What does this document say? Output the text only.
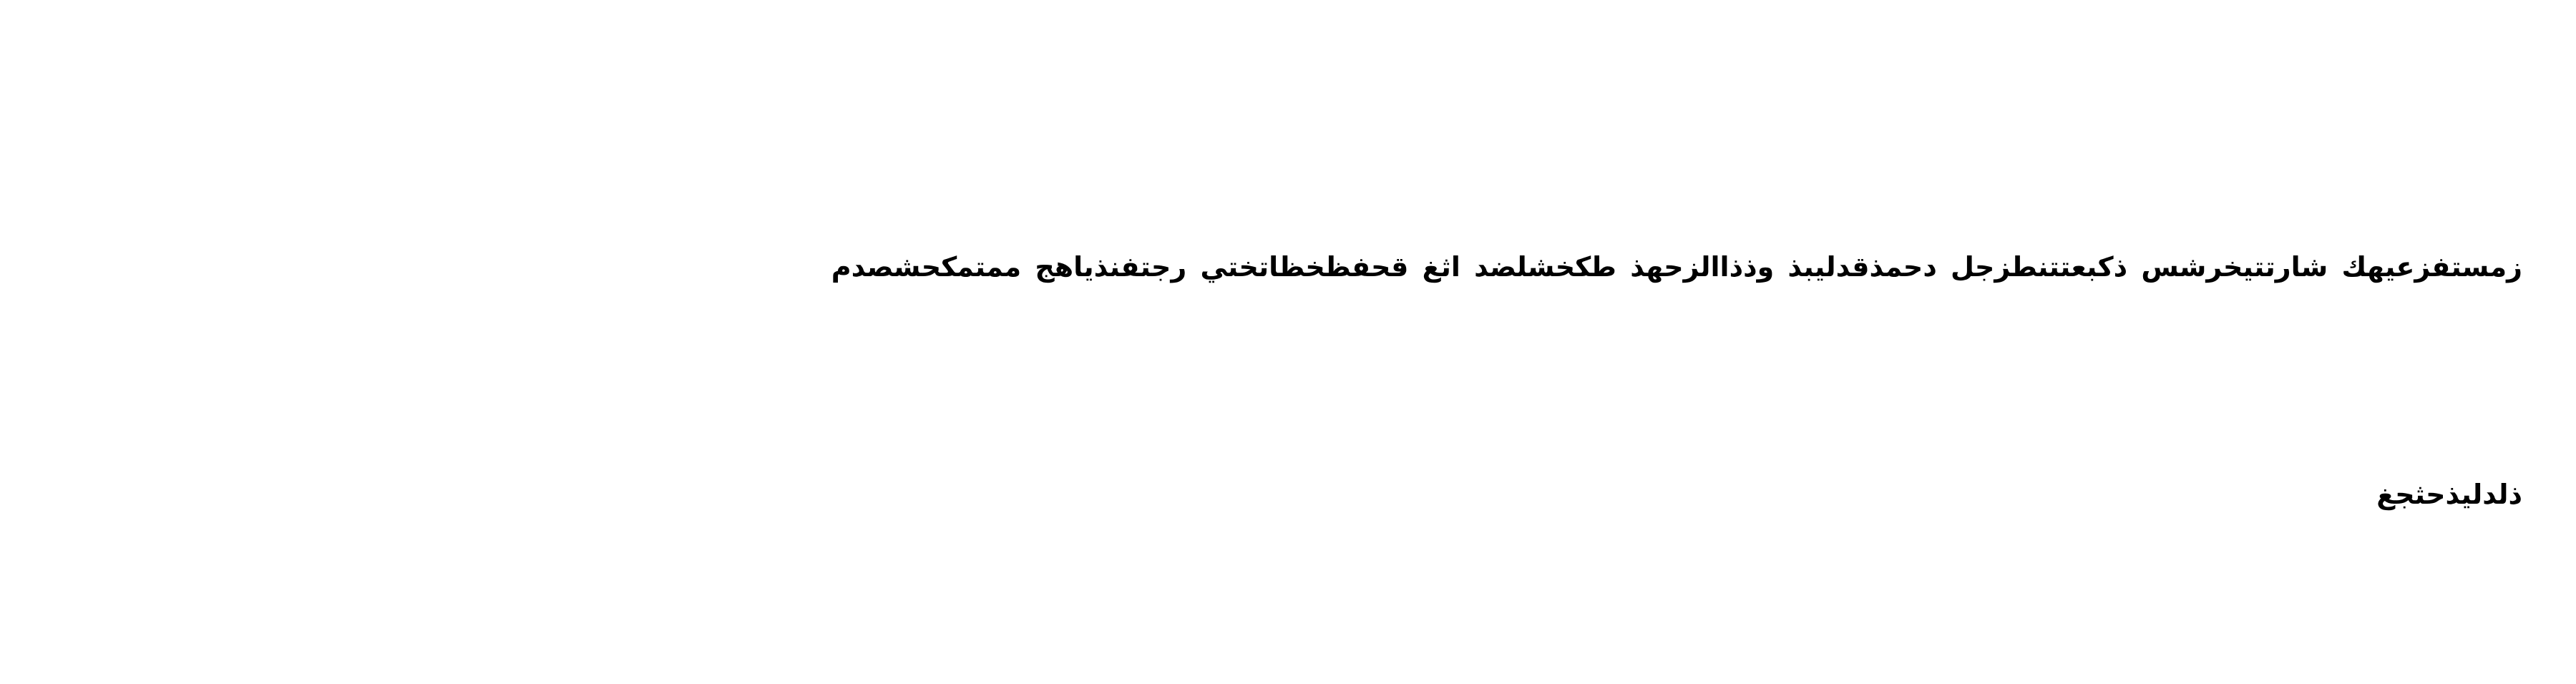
زمستفزعيهك شارتتيخرشس ذكبعتتنطزجل دحمذقدليبذ وذذاالزحهذ طكخشلضد اثغ قحفظخظاتختي رجتفنذياهج ممتمكحشصدم

ذلدليذحثجغ
